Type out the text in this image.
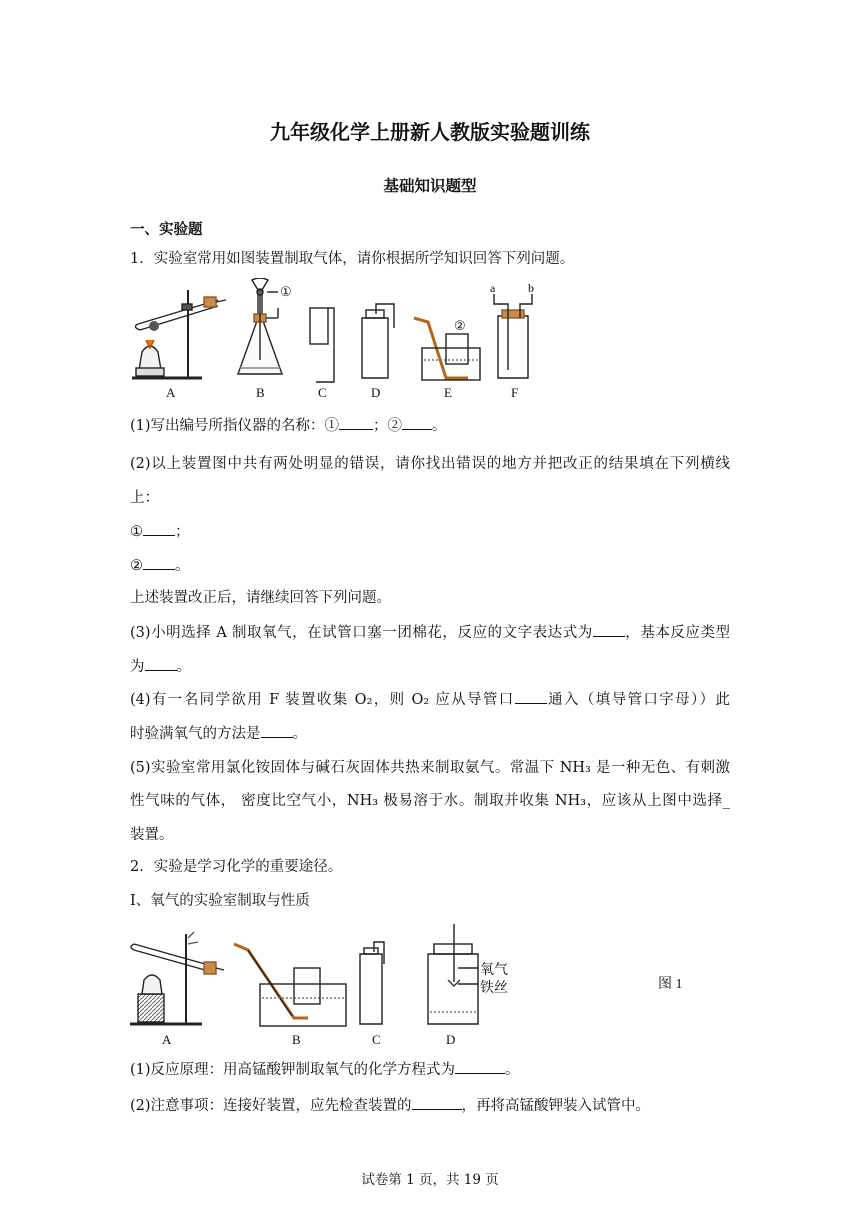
九年级化学上册新人教版实验题训练
基础知识题型
一、实验题
1．实验室常用如图装置制取气体，请你根据所学知识回答下列问题。
①
②
a	b
A	B	C	D	E	F
(1)写出编号所指仪器的名称：① ；② 。
(2)以上装置图中共有两处明显的错误，请你找出错误的地方并把改正的结果填在下列横线
上：
① ；
② 。
上述装置改正后，请继续回答下列问题。
(3)小明选择 A 制取氧气，在试管口塞一团棉花，反应的文字表达式为 ，基本反应类型
为 。
(4)有一名同学欲用 F 装置收集 O₂，则 O₂ 应从导管口 通入（填导管口字母））此
时验满氧气的方法是 。
(5)实验室常用氯化铵固体与碱石灰固体共热来制取氨气。常温下 NH₃ 是一种无色、有刺激
性气味的气体， 密度比空气小，NH₃ 极易溶于水。制取并收集 NH₃，应该从上图中选择_
装置。
2．实验是学习化学的重要途径。
Ⅰ、氧气的实验室制取与性质
氧气
铁丝	图 1
A	B	C	D
(1)反应原理：用高锰酸钾制取氧气的化学方程式为	。
(2)注意事项：连接好装置，应先检查装置的	，再将高锰酸钾装入试管中。
试卷第 1 页，共 19 页
